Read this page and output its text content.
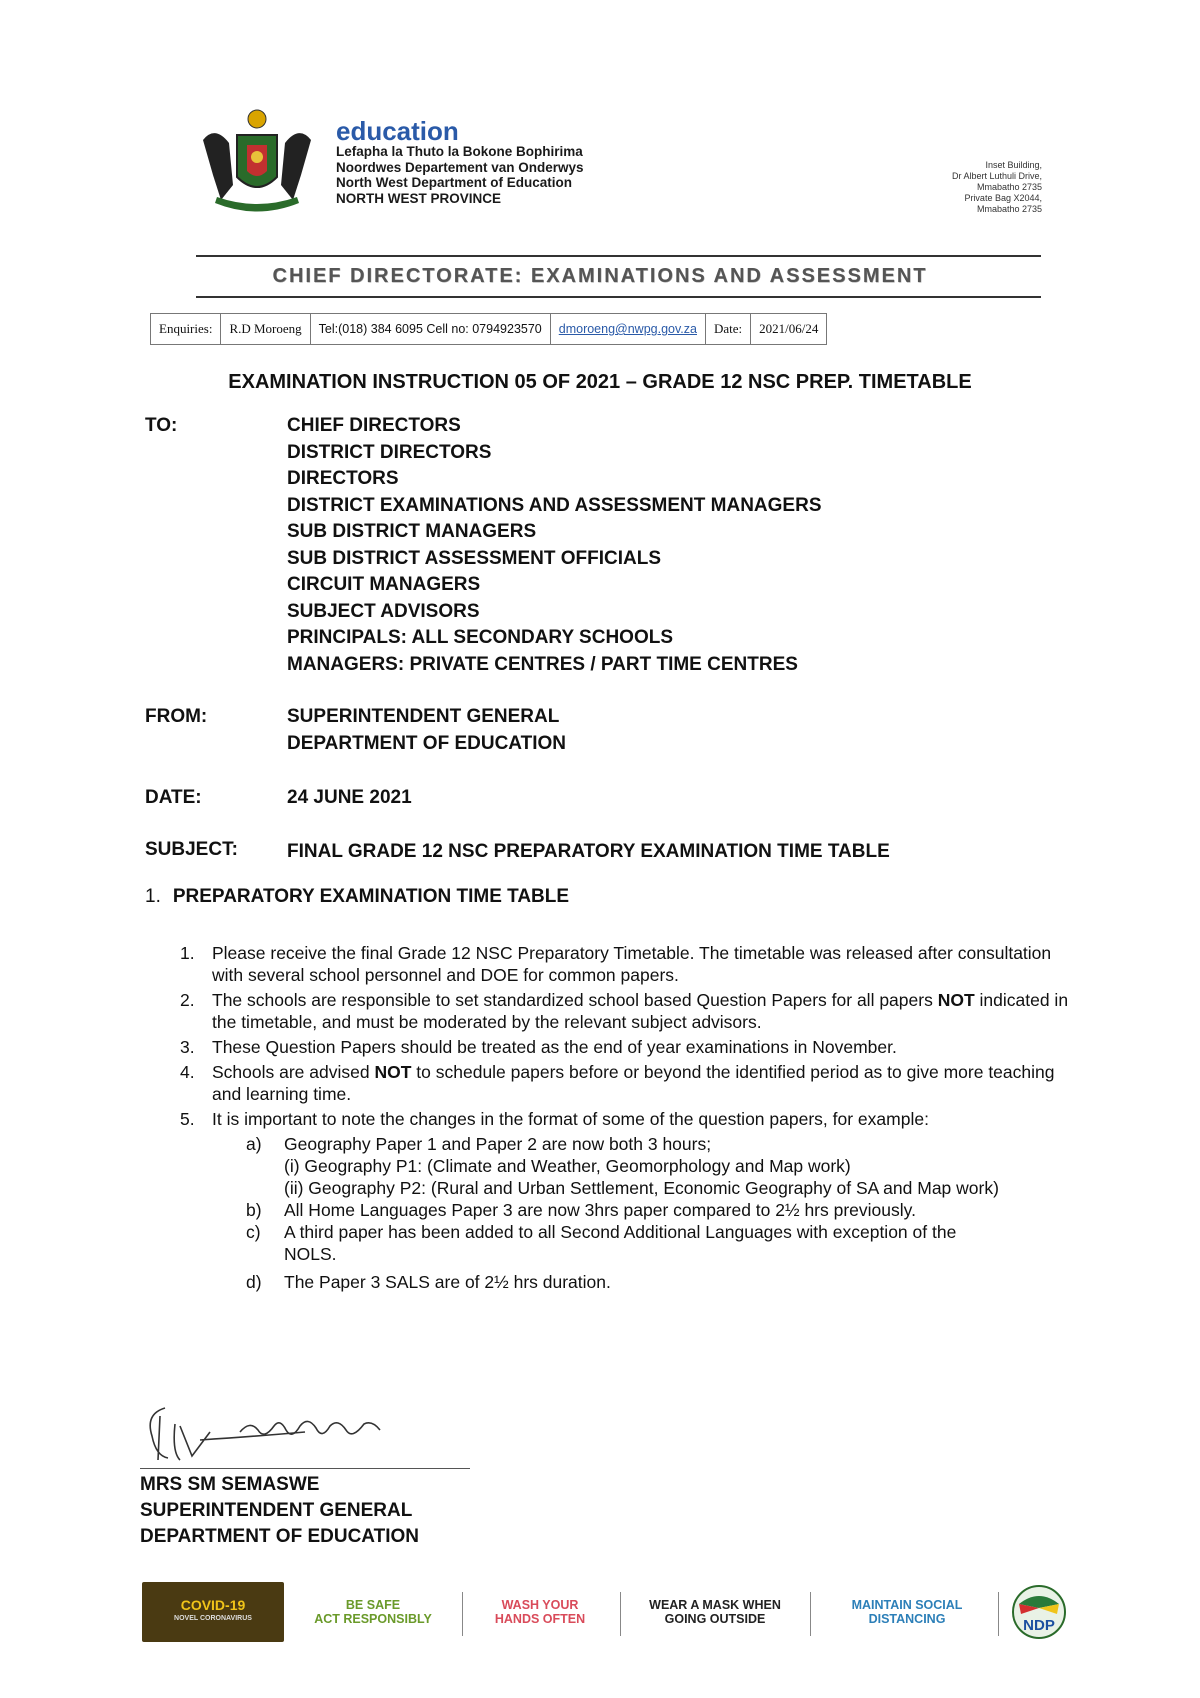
education
Lefapha la Thuto la Bokone Bophirima
Noordwes Departement van Onderwys
North West Department of Education
NORTH WEST PROVINCE
Inset Building,
Dr Albert Luthuli Drive,
Mmabatho 2735
Private Bag X2044,
Mmabatho 2735
CHIEF DIRECTORATE: EXAMINATIONS AND ASSESSMENT
Enquiries:	R.D Moroeng	Tel:(018) 384 6095 Cell no: 0794923570	dmoroeng@nwpg.gov.za	Date:	2021/06/24
EXAMINATION INSTRUCTION 05 OF 2021 – GRADE 12 NSC PREP. TIMETABLE
TO:	CHIEF DIRECTORS
DISTRICT DIRECTORS
DIRECTORS
DISTRICT EXAMINATIONS AND ASSESSMENT MANAGERS
SUB DISTRICT MANAGERS
SUB DISTRICT ASSESSMENT OFFICIALS
CIRCUIT MANAGERS
SUBJECT ADVISORS
PRINCIPALS: ALL SECONDARY SCHOOLS
MANAGERS: PRIVATE CENTRES / PART TIME CENTRES
FROM:	SUPERINTENDENT GENERAL
DEPARTMENT OF EDUCATION
DATE:	24 JUNE 2021
SUBJECT:	FINAL GRADE 12 NSC PREPARATORY EXAMINATION TIME TABLE
1. PREPARATORY EXAMINATION TIME TABLE
1. Please receive the final Grade 12 NSC Preparatory Timetable. The timetable was released after consultation with several school personnel and DOE for common papers.
2. The schools are responsible to set standardized school based Question Papers for all papers NOT indicated in the timetable, and must be moderated by the relevant subject advisors.
3. These Question Papers should be treated as the end of year examinations in November.
4. Schools are advised NOT to schedule papers before or beyond the identified period as to give more teaching and learning time.
5. It is important to note the changes in the format of some of the question papers, for example:
a) Geography Paper 1 and Paper 2 are now both 3 hours;
(i) Geography P1: (Climate and Weather, Geomorphology and Map work)
(ii) Geography P2: (Rural and Urban Settlement, Economic Geography of SA and Map work)
b) All Home Languages Paper 3 are now 3hrs paper compared to 2½ hrs previously.
c) A third paper has been added to all Second Additional Languages with exception of the NOLS.
d) The Paper 3 SALS are of 2½ hrs duration.
MRS SM SEMASWE
SUPERINTENDENT GENERAL
DEPARTMENT OF EDUCATION
COVID-19
NOVEL CORONAVIRUS
BE SAFE
ACT RESPONSIBLY
WASH YOUR
HANDS OFTEN
WEAR A MASK WHEN
GOING OUTSIDE
MAINTAIN SOCIAL
DISTANCING	NDP
